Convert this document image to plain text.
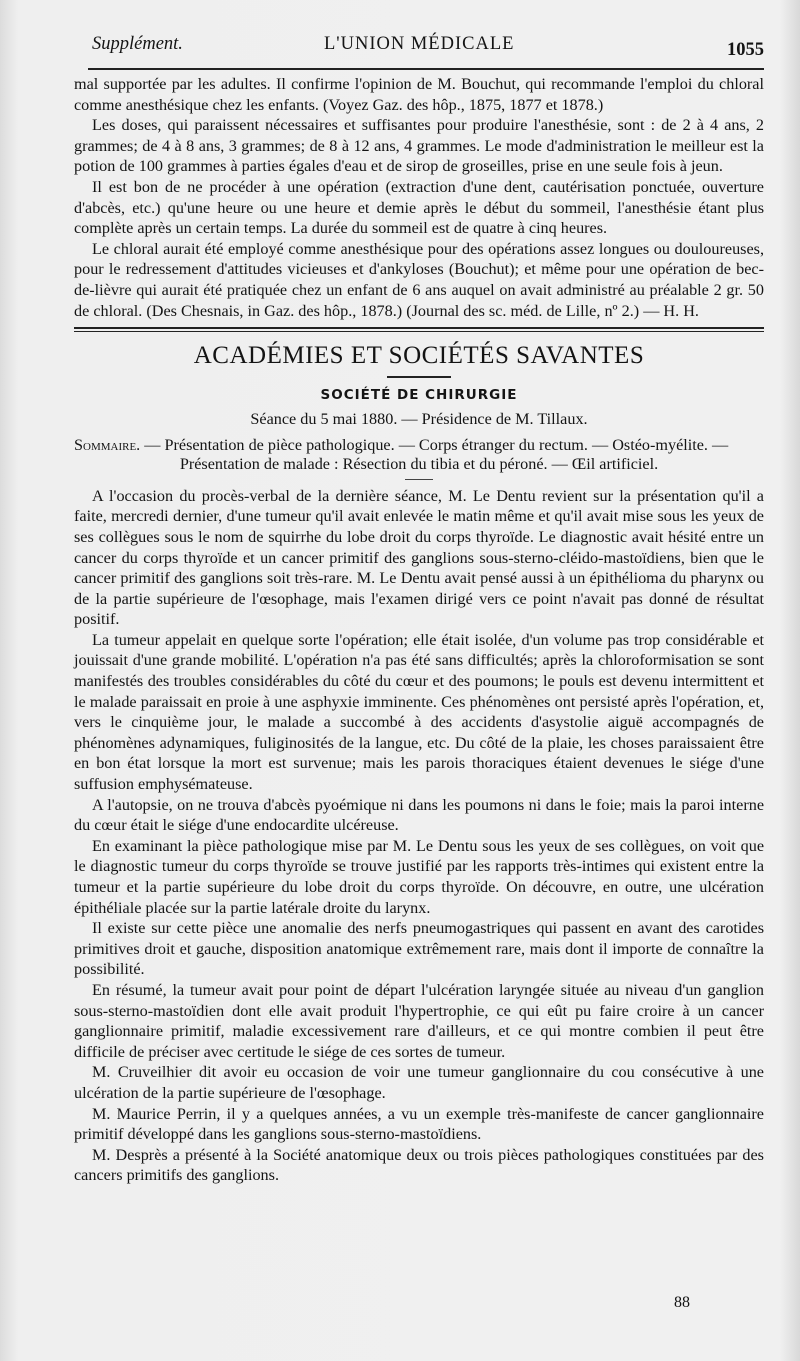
Supplément.	L'UNION MÉDICALE	1055

mal supportée par les adultes. Il confirme l'opinion de M. Bouchut, qui recommande l'emploi du chloral comme anesthésique chez les enfants. (Voyez Gaz. des hôp., 1875, 1877 et 1878.)

Les doses, qui paraissent nécessaires et suffisantes pour produire l'anesthésie, sont : de 2 à 4 ans, 2 grammes; de 4 à 8 ans, 3 grammes; de 8 à 12 ans, 4 grammes. Le mode d'administration le meilleur est la potion de 100 grammes à parties égales d'eau et de sirop de groseilles, prise en une seule fois à jeun.

Il est bon de ne procéder à une opération (extraction d'une dent, cautérisation ponctuée, ouverture d'abcès, etc.) qu'une heure ou une heure et demie après le début du sommeil, l'anesthésie étant plus complète après un certain temps. La durée du sommeil est de quatre à cinq heures.

Le chloral aurait été employé comme anesthésique pour des opérations assez longues ou douloureuses, pour le redressement d'attitudes vicieuses et d'ankyloses (Bouchut); et même pour une opération de bec-de-lièvre qui aurait été pratiquée chez un enfant de 6 ans auquel on avait administré au préalable 2 gr. 50 de chloral. (Des Chesnais, in Gaz. des hôp., 1878.) (Journal des sc. méd. de Lille, nº 2.) — H. H.

ACADÉMIES ET SOCIÉTÉS SAVANTES
SOCIÉTÉ DE CHIRURGIE
Séance du 5 mai 1880. — Présidence de M. Tillaux.
Sommaire. — Présentation de pièce pathologique. — Corps étranger du rectum. — Ostéo-myélite. —
Présentation de malade : Résection du tibia et du péroné. — Œil artificiel.

A l'occasion du procès-verbal de la dernière séance, M. Le Dentu revient sur la présentation qu'il a faite, mercredi dernier, d'une tumeur qu'il avait enlevée le matin même et qu'il avait mise sous les yeux de ses collègues sous le nom de squirrhe du lobe droit du corps thyroïde. Le diagnostic avait hésité entre un cancer du corps thyroïde et un cancer primitif des ganglions sous-sterno-cléido-mastoïdiens, bien que le cancer primitif des ganglions soit très-rare. M. Le Dentu avait pensé aussi à un épithélioma du pharynx ou de la partie supérieure de l'œsophage, mais l'examen dirigé vers ce point n'avait pas donné de résultat positif.

La tumeur appelait en quelque sorte l'opération; elle était isolée, d'un volume pas trop considérable et jouissait d'une grande mobilité. L'opération n'a pas été sans difficultés; après la chloroformisation se sont manifestés des troubles considérables du côté du cœur et des poumons; le pouls est devenu intermittent et le malade paraissait en proie à une asphyxie imminente. Ces phénomènes ont persisté après l'opération, et, vers le cinquième jour, le malade a succombé à des accidents d'asystolie aiguë accompagnés de phénomènes adynamiques, fuliginosités de la langue, etc. Du côté de la plaie, les choses paraissaient être en bon état lorsque la mort est survenue; mais les parois thoraciques étaient devenues le siége d'une suffusion emphysémateuse.

A l'autopsie, on ne trouva d'abcès pyoémique ni dans les poumons ni dans le foie; mais la paroi interne du cœur était le siége d'une endocardite ulcéreuse.

En examinant la pièce pathologique mise par M. Le Dentu sous les yeux de ses collègues, on voit que le diagnostic tumeur du corps thyroïde se trouve justifié par les rapports très-intimes qui existent entre la tumeur et la partie supérieure du lobe droit du corps thyroïde. On découvre, en outre, une ulcération épithéliale placée sur la partie latérale droite du larynx.

Il existe sur cette pièce une anomalie des nerfs pneumogastriques qui passent en avant des carotides primitives droit et gauche, disposition anatomique extrêmement rare, mais dont il importe de connaître la possibilité.

En résumé, la tumeur avait pour point de départ l'ulcération laryngée située au niveau d'un ganglion sous-sterno-mastoïdien dont elle avait produit l'hypertrophie, ce qui eût pu faire croire à un cancer ganglionnaire primitif, maladie excessivement rare d'ailleurs, et ce qui montre combien il peut être difficile de préciser avec certitude le siége de ces sortes de tumeur.

M. Cruveilhier dit avoir eu occasion de voir une tumeur ganglionnaire du cou consécutive à une ulcération de la partie supérieure de l'œsophage.

M. Maurice Perrin, il y a quelques années, a vu un exemple très-manifeste de cancer ganglionnaire primitif développé dans les ganglions sous-sterno-mastoïdiens.

M. Desprès a présenté à la Société anatomique deux ou trois pièces pathologiques constituées par des cancers primitifs des ganglions.

88
